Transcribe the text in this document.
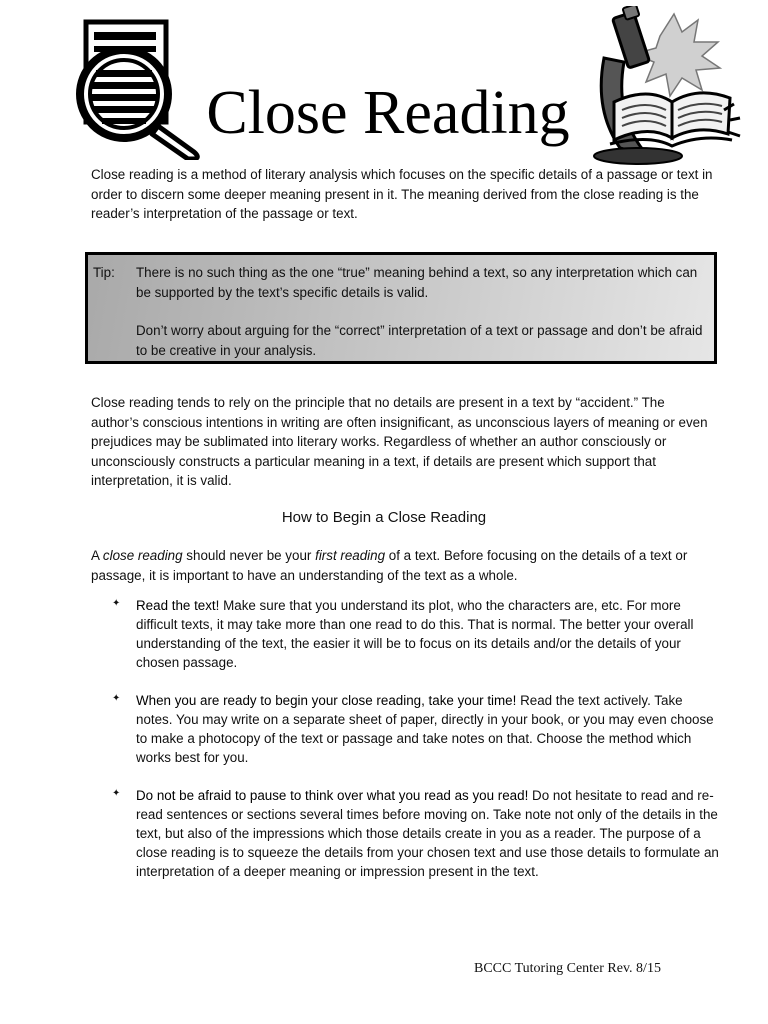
Close Reading

Close reading is a method of literary analysis which focuses on the specific details of a passage or text in order to discern some deeper meaning present in it. The meaning derived from the close reading is the reader’s interpretation of the passage or text.

Tip: There is no such thing as the one “true” meaning behind a text, so any interpretation which can be supported by the text’s specific details is valid.

Don’t worry about arguing for the “correct” interpretation of a text or passage and don’t be afraid to be creative in your analysis.

Close reading tends to rely on the principle that no details are present in a text by “accident.” The author’s conscious intentions in writing are often insignificant, as unconscious layers of meaning or even prejudices may be sublimated into literary works. Regardless of whether an author consciously or unconsciously constructs a particular meaning in a text, if details are present which support that interpretation, it is valid.

How to Begin a Close Reading

A close reading should never be your first reading of a text. Before focusing on the details of a text or passage, it is important to have an understanding of the text as a whole.

✦ Read the text! Make sure that you understand its plot, who the characters are, etc. For more difficult texts, it may take more than one read to do this. That is normal. The better your overall understanding of the text, the easier it will be to focus on its details and/or the details of your chosen passage.
✦ When you are ready to begin your close reading, take your time! Read the text actively. Take notes. You may write on a separate sheet of paper, directly in your book, or you may even choose to make a photocopy of the text or passage and take notes on that. Choose the method which works best for you.
✦ Do not be afraid to pause to think over what you read as you read! Do not hesitate to read and re-read sentences or sections several times before moving on. Take note not only of the details in the text, but also of the impressions which those details create in you as a reader. The purpose of a close reading is to squeeze the details from your chosen text and use those details to formulate an interpretation of a deeper meaning or impression present in the text.
BCCC Tutoring Center Rev. 8/15
